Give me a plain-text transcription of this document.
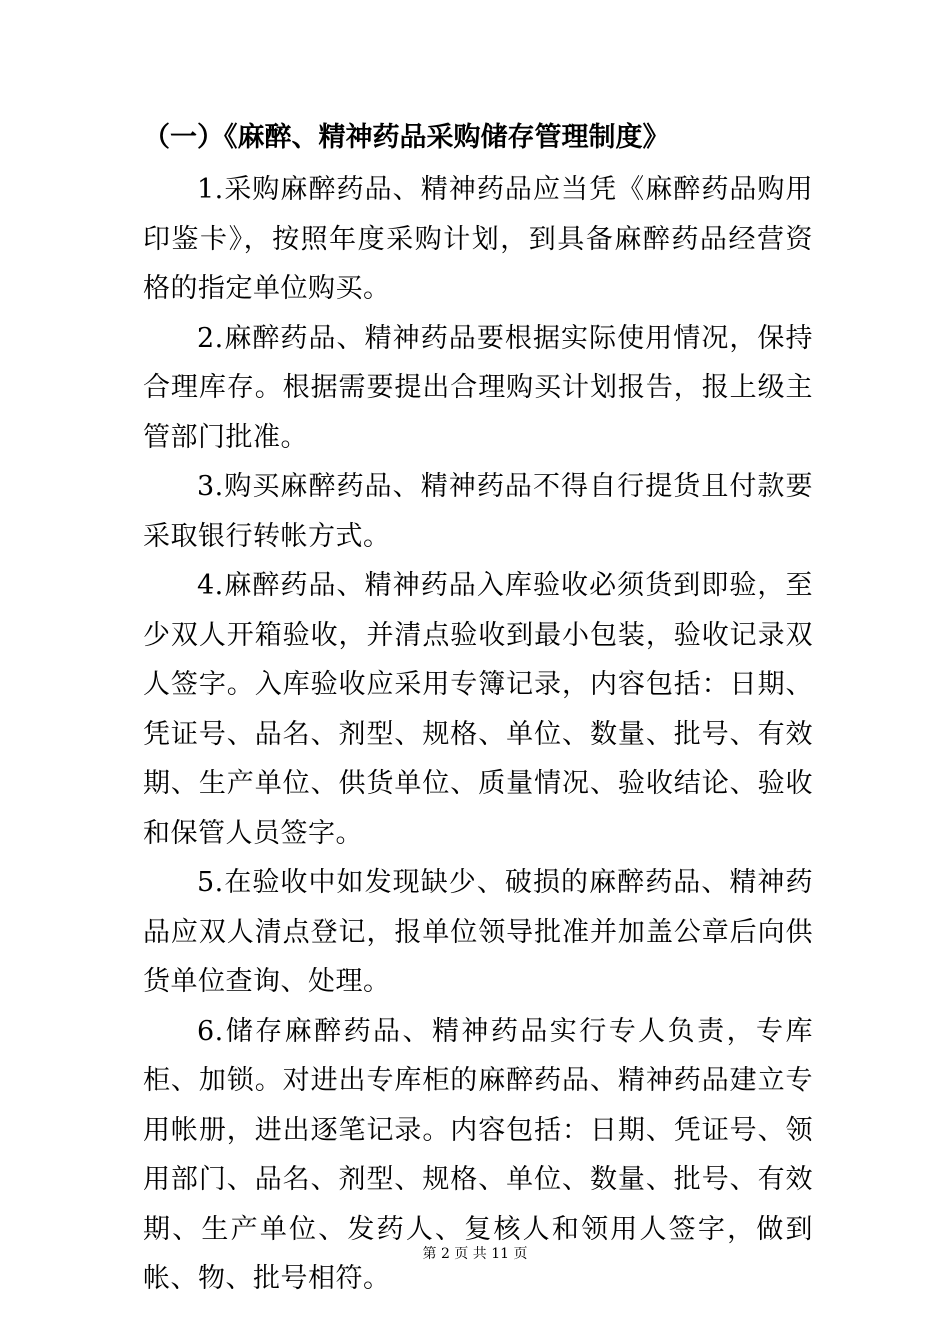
（一）《麻醉、精神药品采购储存管理制度》

1.采购麻醉药品、精神药品应当凭《麻醉药品购用印鉴卡》，按照年度采购计划，到具备麻醉药品经营资格的指定单位购买。

2.麻醉药品、精神药品要根据实际使用情况，保持合理库存。根据需要提出合理购买计划报告，报上级主管部门批准。

3.购买麻醉药品、精神药品不得自行提货且付款要采取银行转帐方式。

4.麻醉药品、精神药品入库验收必须货到即验，至少双人开箱验收，并清点验收到最小包装，验收记录双人签字。入库验收应采用专簿记录，内容包括：日期、凭证号、品名、剂型、规格、单位、数量、批号、有效期、生产单位、供货单位、质量情况、验收结论、验收和保管人员签字。

5.在验收中如发现缺少、破损的麻醉药品、精神药品应双人清点登记，报单位领导批准并加盖公章后向供货单位查询、处理。

6.储存麻醉药品、精神药品实行专人负责，专库柜、加锁。对进出专库柜的麻醉药品、精神药品建立专用帐册，进出逐笔记录。内容包括：日期、凭证号、领用部门、品名、剂型、规格、单位、数量、批号、有效期、生产单位、发药人、复核人和领用人签字，做到帐、物、批号相符。

第 2 页 共 11 页
